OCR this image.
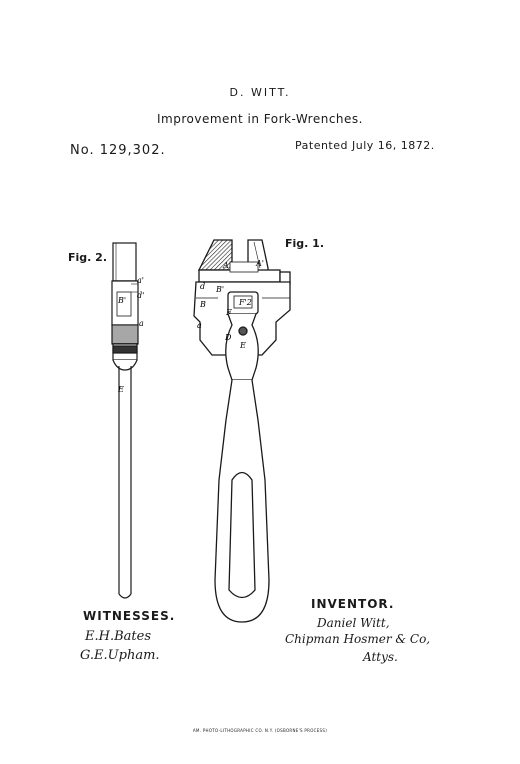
D. WITT.
Improvement in Fork-Wrenches.
No. 129,302.	Patented July 16, 1872.
Fig. 2.
Fig. 1.
a'
d'
B'
a
E
A	A'
d B'
B	F'2
F
a
D
E
WITNESSES.
E.H.Bates
G.E.Upham.
INVENTOR.
Daniel Witt,
Chipman Hosmer & Co,
Attys.
AM. PHOTO-LITHOGRAPHIC CO. N.Y. (OSBORNE'S PROCESS)
